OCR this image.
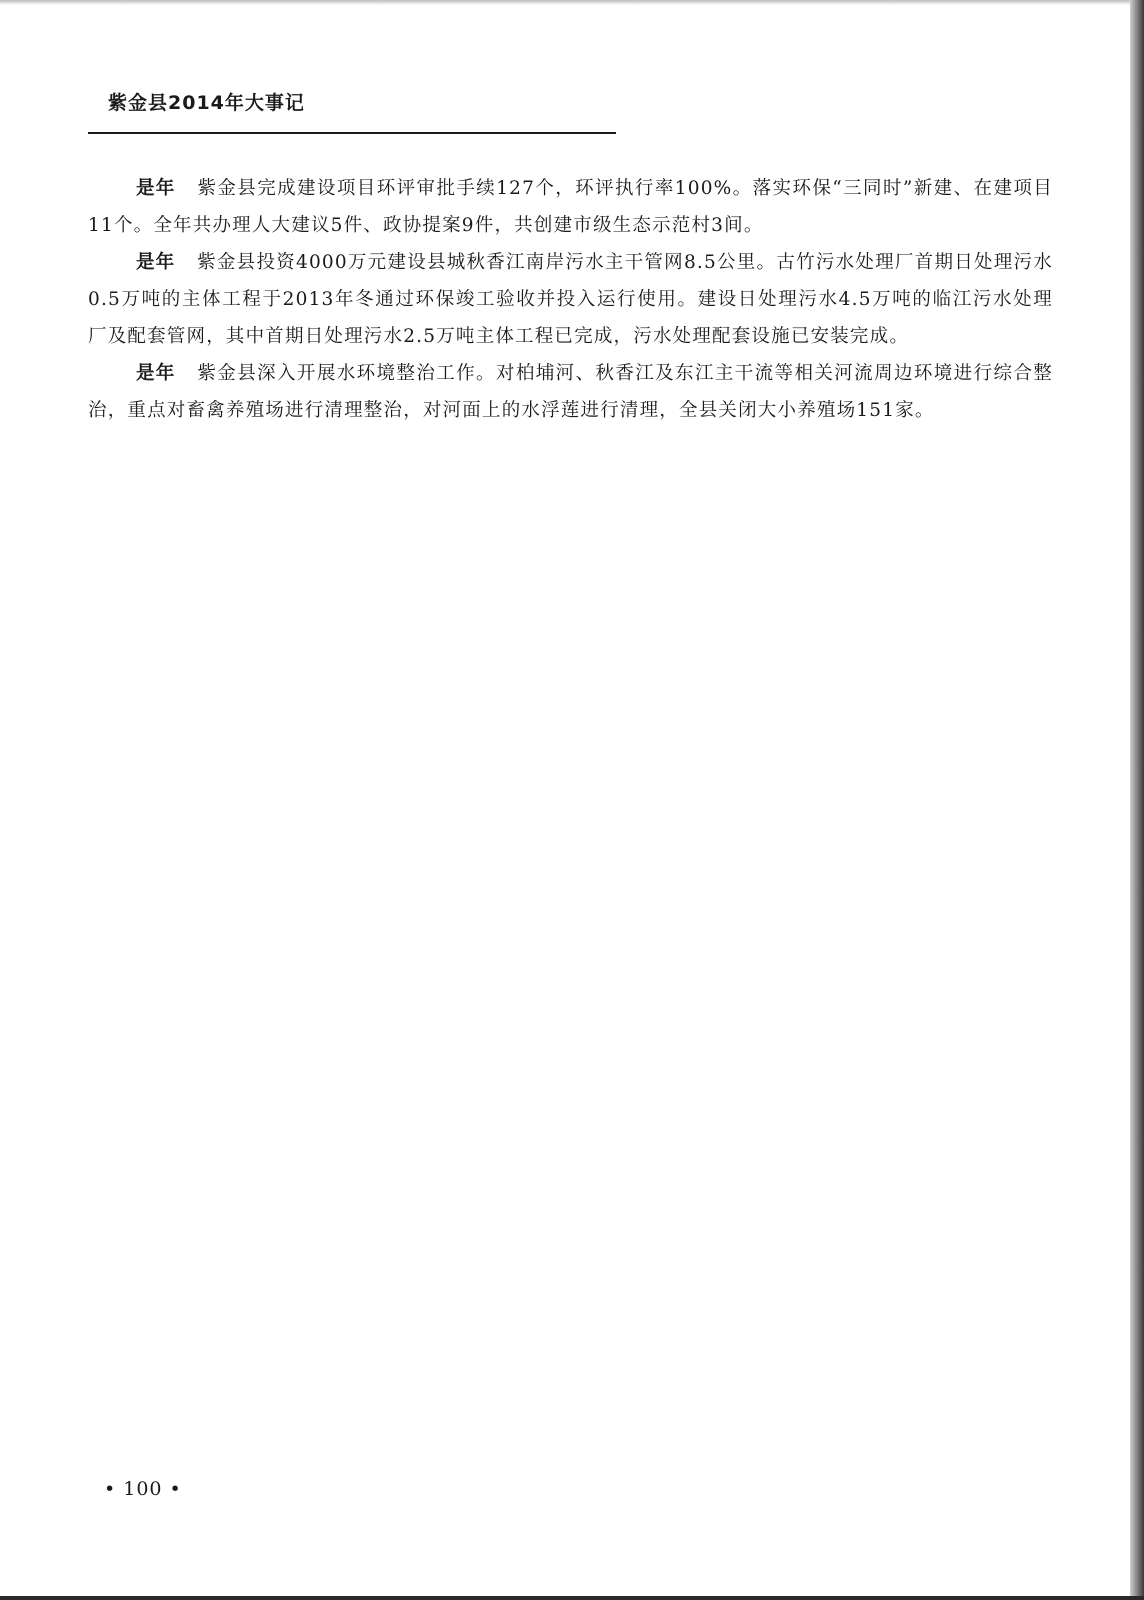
紫金县2014年大事记

是年 紫金县完成建设项目环评审批手续127个，环评执行率100%。落实环保“三同时”新建、在建项目11个。全年共办理人大建议5件、政协提案9件，共创建市级生态示范村3间。

是年 紫金县投资4000万元建设县城秋香江南岸污水主干管网8.5公里。古竹污水处理厂首期日处理污水0.5万吨的主体工程于2013年冬通过环保竣工验收并投入运行使用。建设日处理污水4.5万吨的临江污水处理厂及配套管网，其中首期日处理污水2.5万吨主体工程已完成，污水处理配套设施已安装完成。

是年 紫金县深入开展水环境整治工作。对柏埔河、秋香江及东江主干流等相关河流周边环境进行综合整治，重点对畜禽养殖场进行清理整治，对河面上的水浮莲进行清理，全县关闭大小养殖场151家。

• 100 •
